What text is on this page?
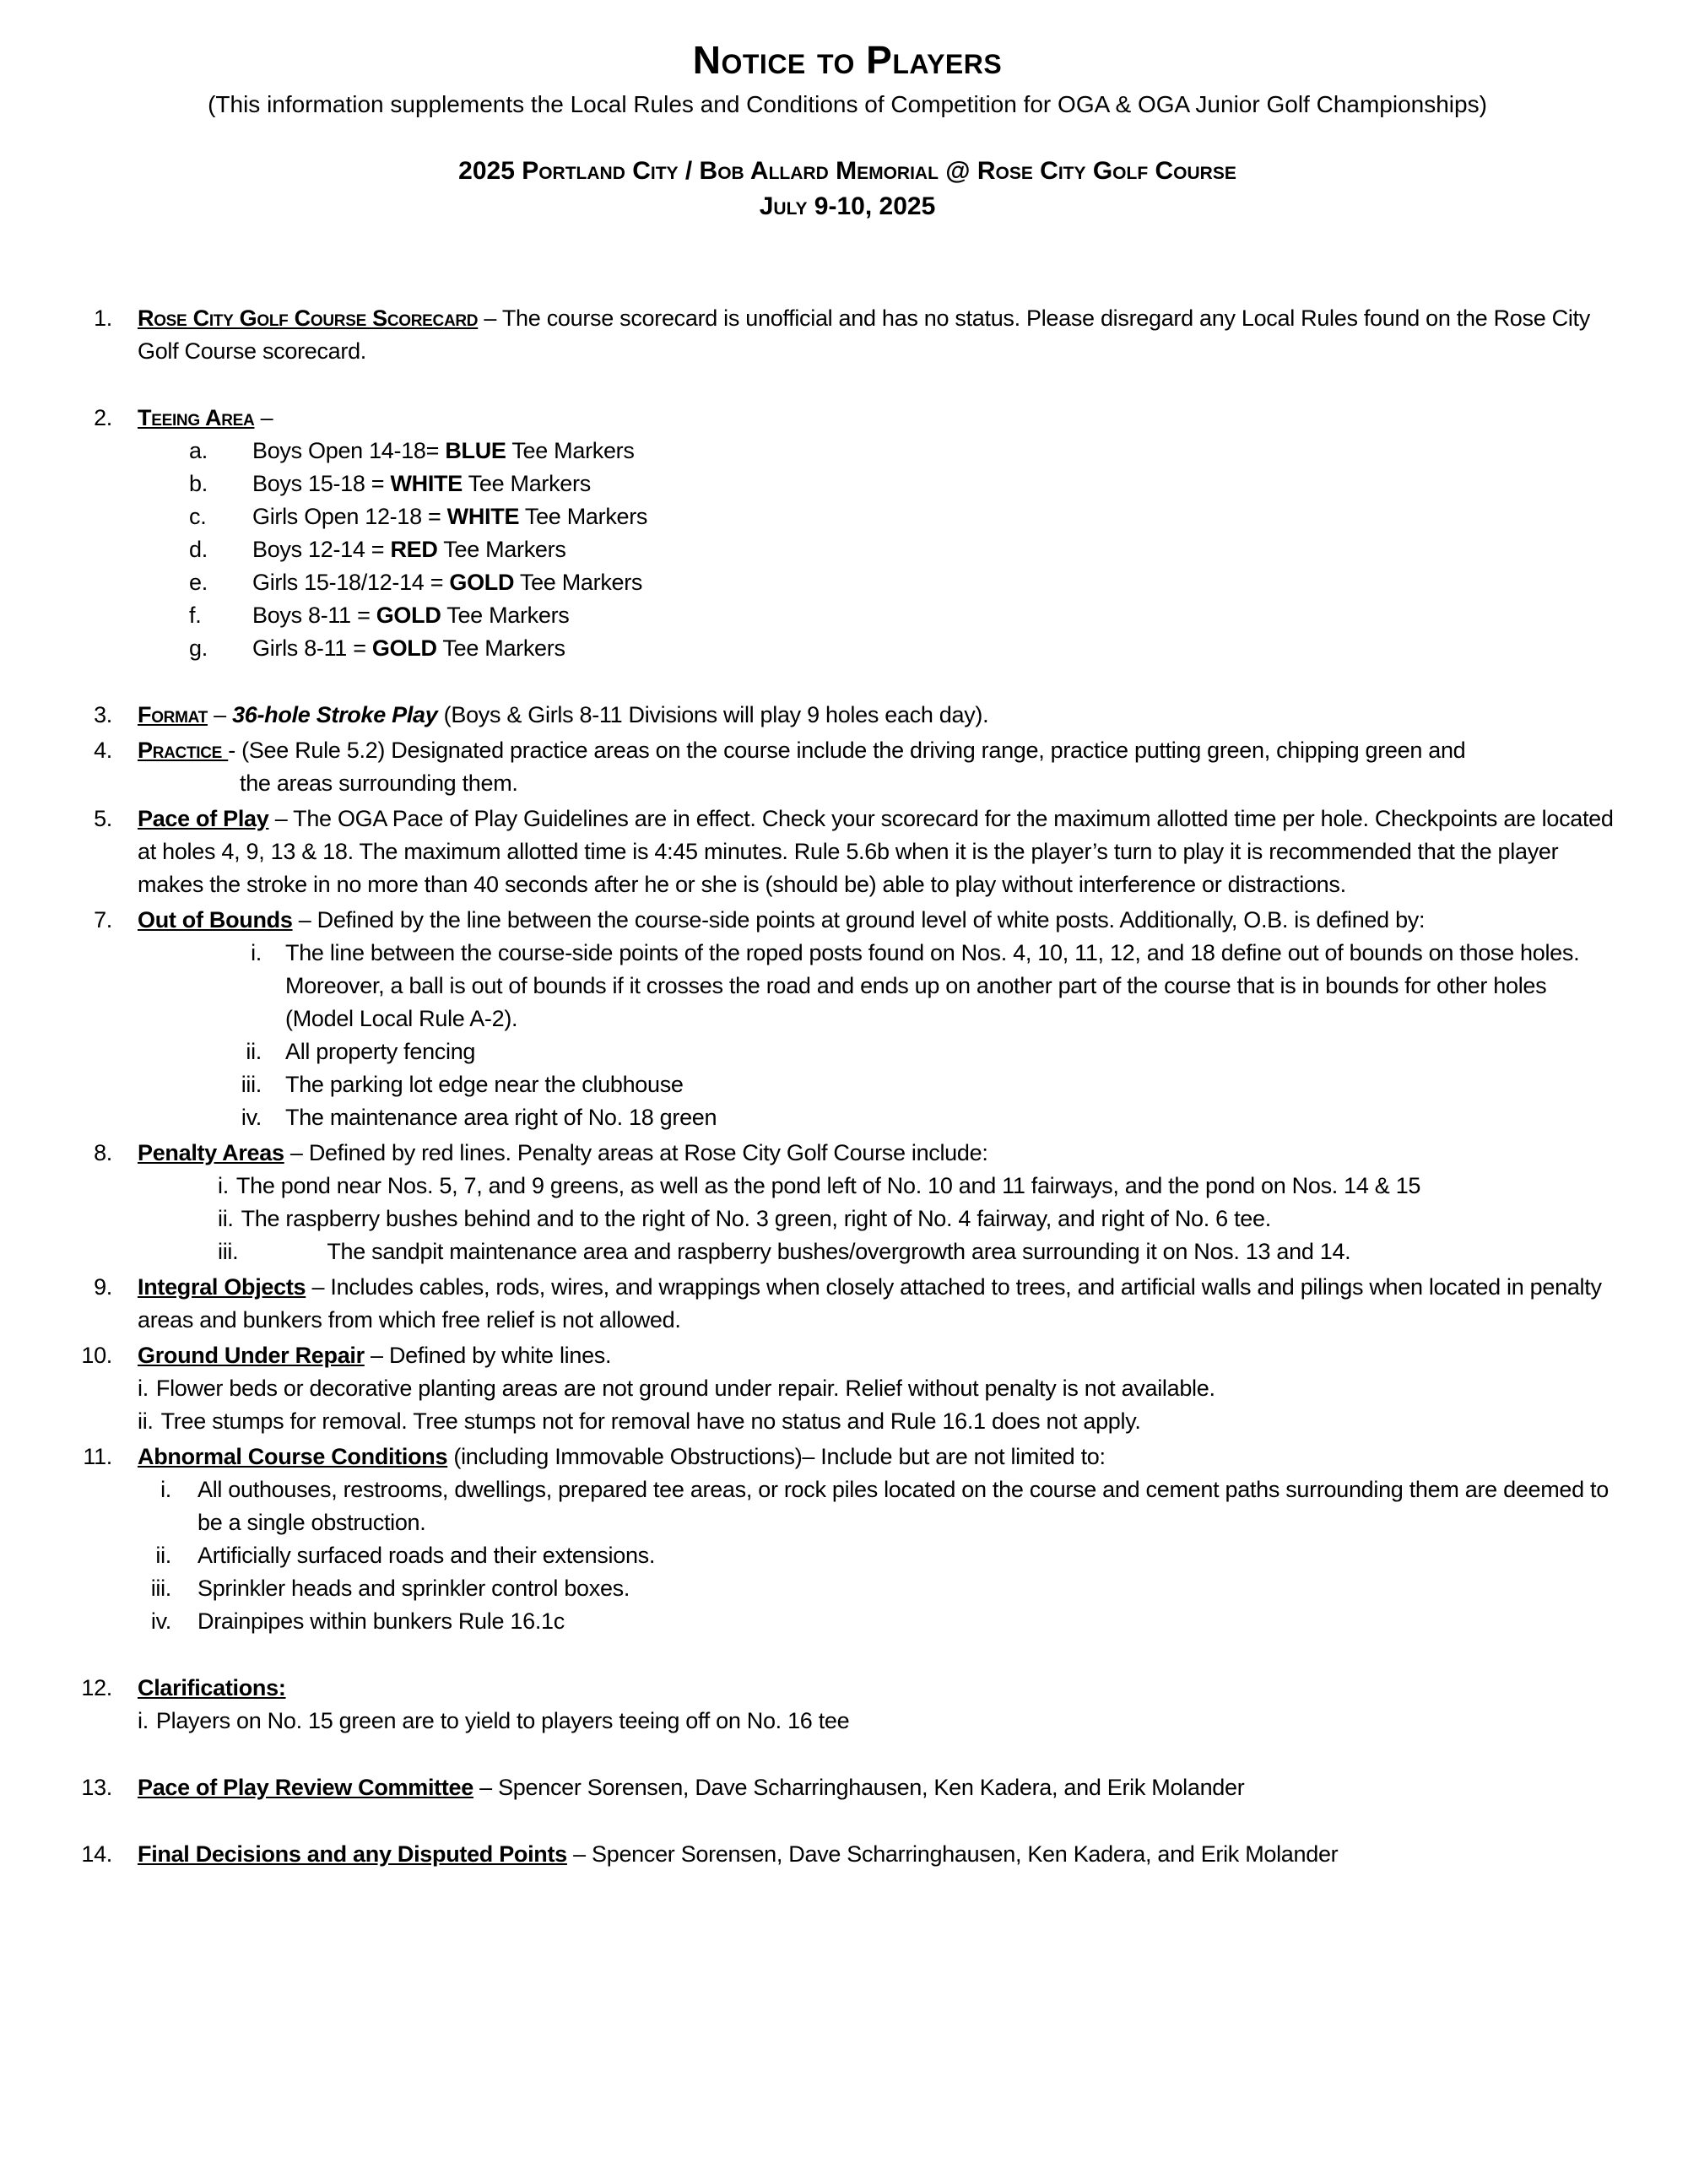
Notice to Players
(This information supplements the Local Rules and Conditions of Competition for OGA & OGA Junior Golf Championships)
2025 Portland City / Bob Allard Memorial @ Rose City Golf Course
July 9-10, 2025
1. Rose City Golf Course Scorecard – The course scorecard is unofficial and has no status. Please disregard any Local Rules found on the Rose City Golf Course scorecard.
2. Teeing Area –
a.	Boys Open 14-18= BLUE Tee Markers
b.	Boys 15-18 = WHITE Tee Markers
c.	Girls Open 12-18 = WHITE Tee Markers
d.	Boys 12-14 = RED Tee Markers
e.	Girls 15-18/12-14 = GOLD Tee Markers
f.	Boys 8-11 = GOLD Tee Markers
g.	Girls 8-11 = GOLD Tee Markers
3. Format – 36-hole Stroke Play (Boys & Girls 8-11 Divisions will play 9 holes each day).
4. Practice - (See Rule 5.2) Designated practice areas on the course include the driving range, practice putting green, chipping green and
the areas surrounding them.
5. Pace of Play – The OGA Pace of Play Guidelines are in effect. Check your scorecard for the maximum allotted time per hole. Checkpoints are located at holes 4, 9, 13 & 18. The maximum allotted time is 4:45 minutes. Rule 5.6b when it is the player’s turn to play it is recommended that the player makes the stroke in no more than 40 seconds after he or she is (should be) able to play without interference or distractions.
7. Out of Bounds – Defined by the line between the course-side points at ground level of white posts. Additionally, O.B. is defined by:
i. The line between the course-side points of the roped posts found on Nos. 4, 10, 11, 12, and 18 define out of bounds on those holes. Moreover, a ball is out of bounds if it crosses the road and ends up on another part of the course that is in bounds for other holes (Model Local Rule A-2).
ii. All property fencing
iii. The parking lot edge near the clubhouse
iv. The maintenance area right of No. 18 green
8. Penalty Areas – Defined by red lines. Penalty areas at Rose City Golf Course include:
i. The pond near Nos. 5, 7, and 9 greens, as well as the pond left of No. 10 and 11 fairways, and the pond on Nos. 14 & 15
ii. The raspberry bushes behind and to the right of No. 3 green, right of No. 4 fairway, and right of No. 6 tee.
iii.	The sandpit maintenance area and raspberry bushes/overgrowth area surrounding it on Nos. 13 and 14.
9. Integral Objects – Includes cables, rods, wires, and wrappings when closely attached to trees, and artificial walls and pilings when located in penalty areas and bunkers from which free relief is not allowed.
10. Ground Under Repair – Defined by white lines.
i. Flower beds or decorative planting areas are not ground under repair. Relief without penalty is not available.
ii. Tree stumps for removal. Tree stumps not for removal have no status and Rule 16.1 does not apply.
11. Abnormal Course Conditions (including Immovable Obstructions)– Include but are not limited to:
i. All outhouses, restrooms, dwellings, prepared tee areas, or rock piles located on the course and cement paths surrounding them are deemed to be a single obstruction.
ii. Artificially surfaced roads and their extensions.
iii. Sprinkler heads and sprinkler control boxes.
iv. Drainpipes within bunkers Rule 16.1c
12. Clarifications:
i. Players on No. 15 green are to yield to players teeing off on No. 16 tee
13. Pace of Play Review Committee – Spencer Sorensen, Dave Scharringhausen, Ken Kadera, and Erik Molander
14. Final Decisions and any Disputed Points – Spencer Sorensen, Dave Scharringhausen, Ken Kadera, and Erik Molander
